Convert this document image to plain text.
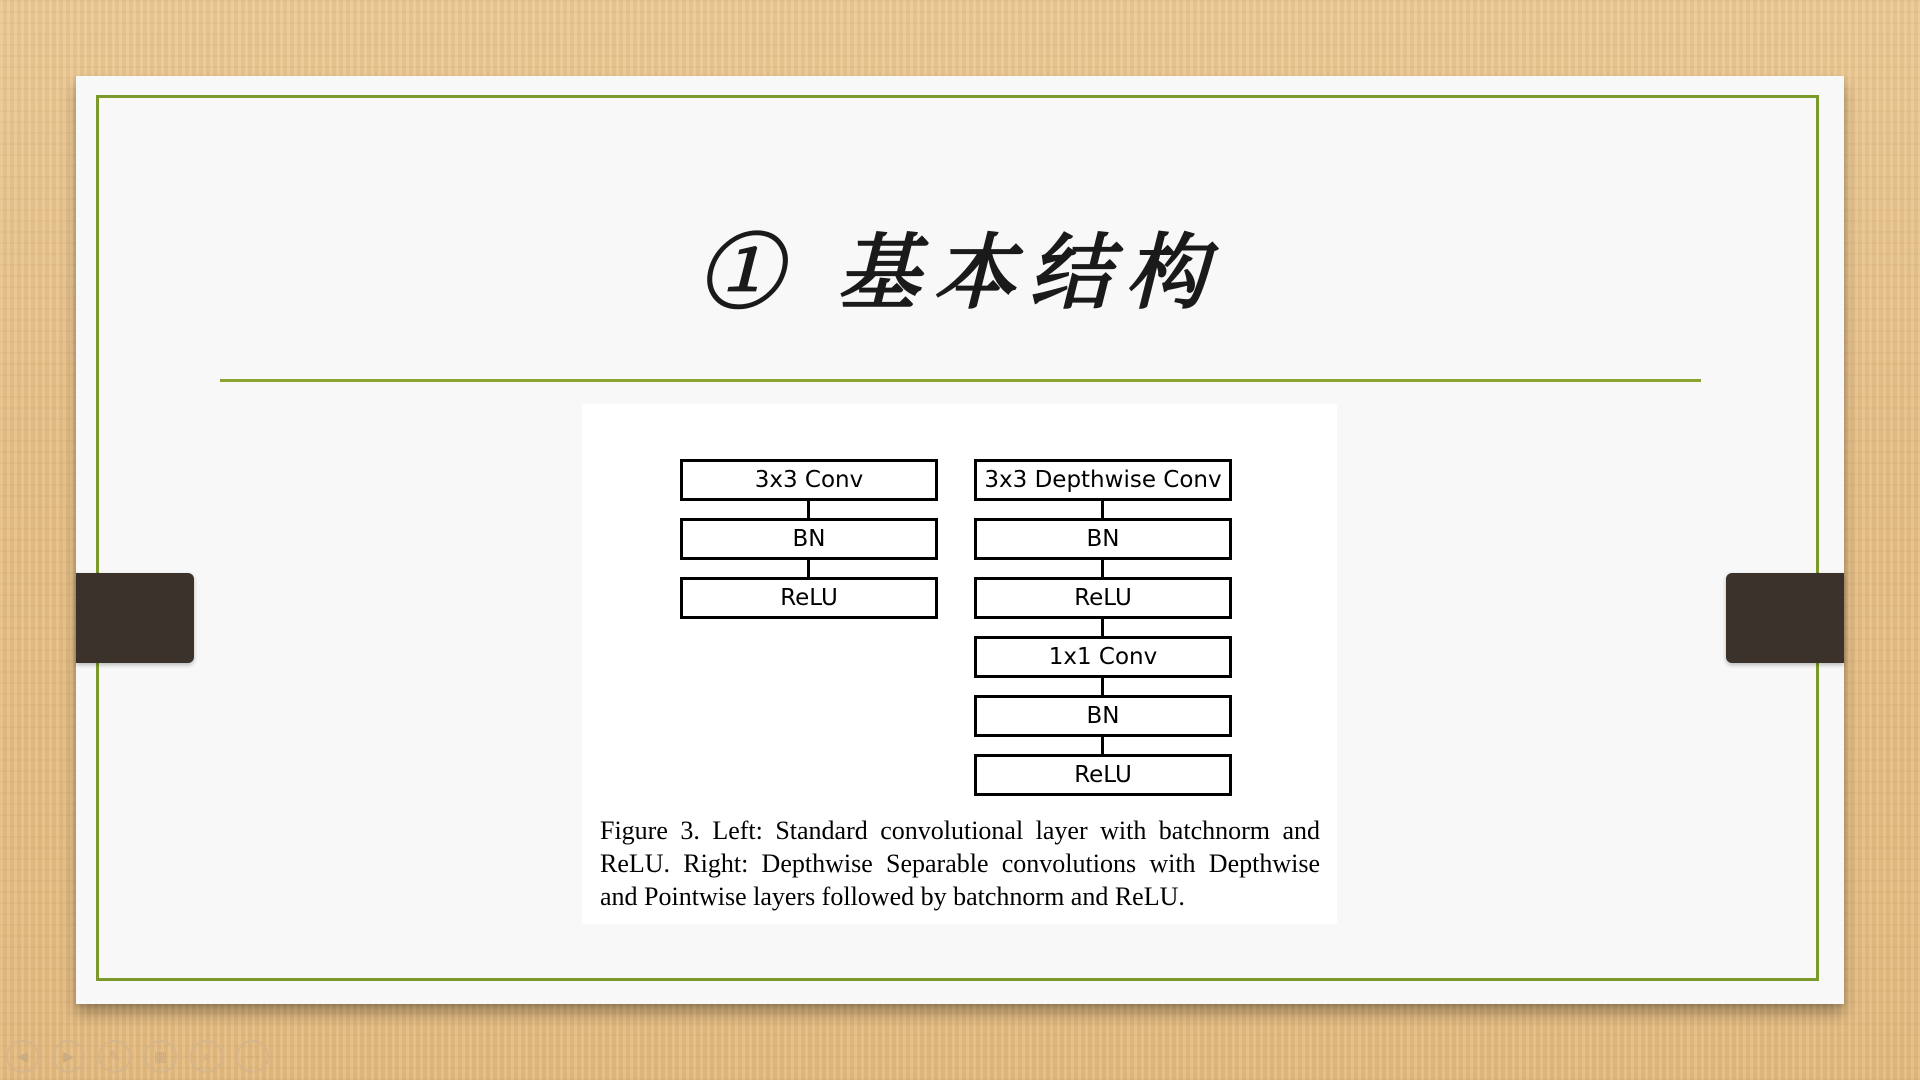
① 基本结构
3x3 Conv
BN
ReLU
3x3 Depthwise Conv
BN
ReLU
1x1 Conv
BN
ReLU

Figure 3. Left: Standard convolutional layer with batchnorm and ReLU. Right: Depthwise Separable convolutions with Depthwise and Pointwise layers followed by batchnorm and ReLU.

◀	▶ ✎ ▦	⌕	⋯
